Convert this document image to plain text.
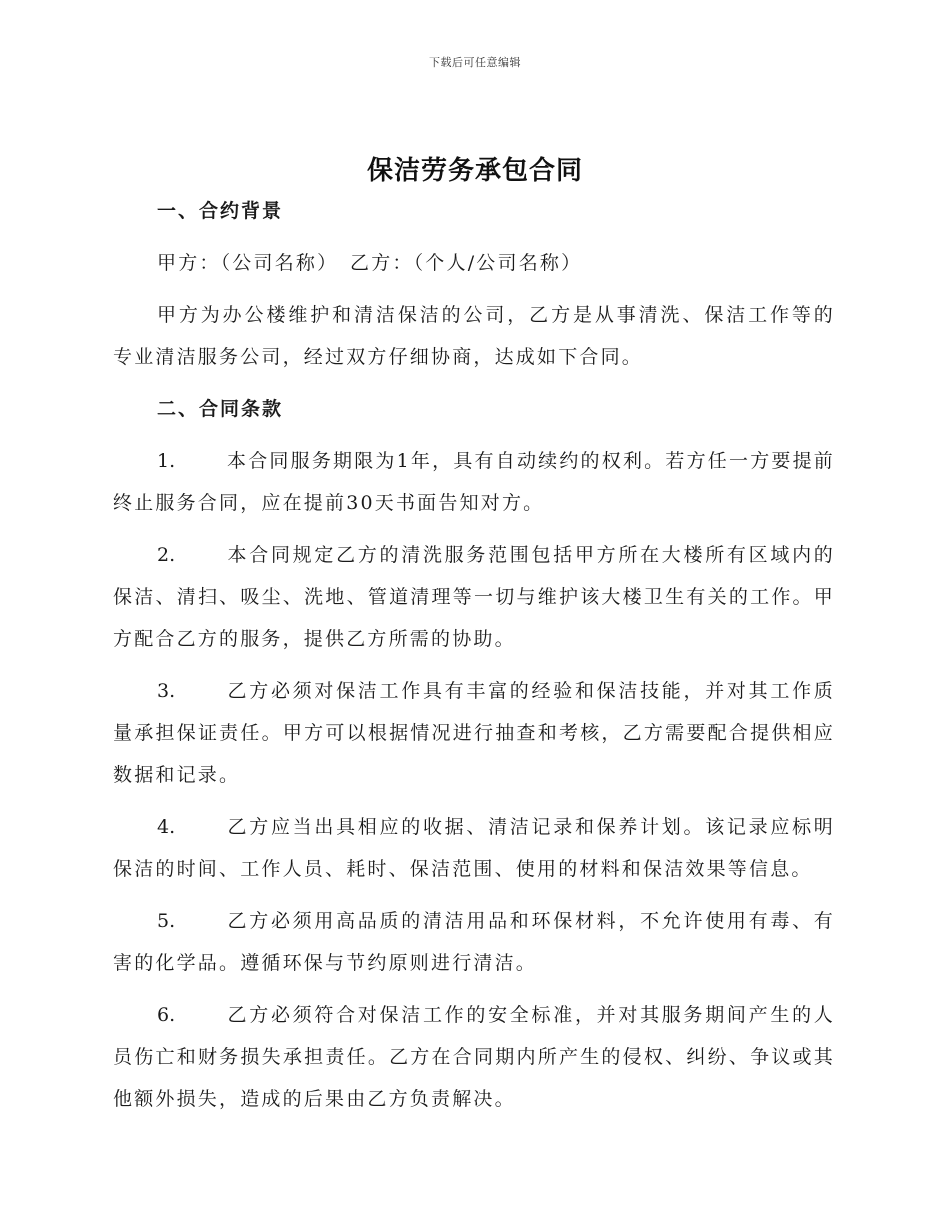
下载后可任意编辑
保洁劳务承包合同
一、合约背景

甲方：（公司名称）　乙方：（个人/公司名称）

甲方为办公楼维护和清洁保洁的公司，乙方是从事清洗、保洁工作等的专业清洁服务公司，经过双方仔细协商，达成如下合同。

二、合同条款

1.	本合同服务期限为1年，具有自动续约的权利。若方任一方要提前终止服务合同，应在提前30天书面告知对方。

2.	本合同规定乙方的清洗服务范围包括甲方所在大楼所有区域内的保洁、清扫、吸尘、洗地、管道清理等一切与维护该大楼卫生有关的工作。甲方配合乙方的服务，提供乙方所需的协助。

3.	乙方必须对保洁工作具有丰富的经验和保洁技能，并对其工作质量承担保证责任。甲方可以根据情况进行抽查和考核，乙方需要配合提供相应数据和记录。

4.	乙方应当出具相应的收据、清洁记录和保养计划。该记录应标明保洁的时间、工作人员、耗时、保洁范围、使用的材料和保洁效果等信息。

5.	乙方必须用高品质的清洁用品和环保材料，不允许使用有毒、有害的化学品。遵循环保与节约原则进行清洁。

6.	乙方必须符合对保洁工作的安全标准，并对其服务期间产生的人员伤亡和财务损失承担责任。乙方在合同期内所产生的侵权、纠纷、争议或其他额外损失，造成的后果由乙方负责解决。
